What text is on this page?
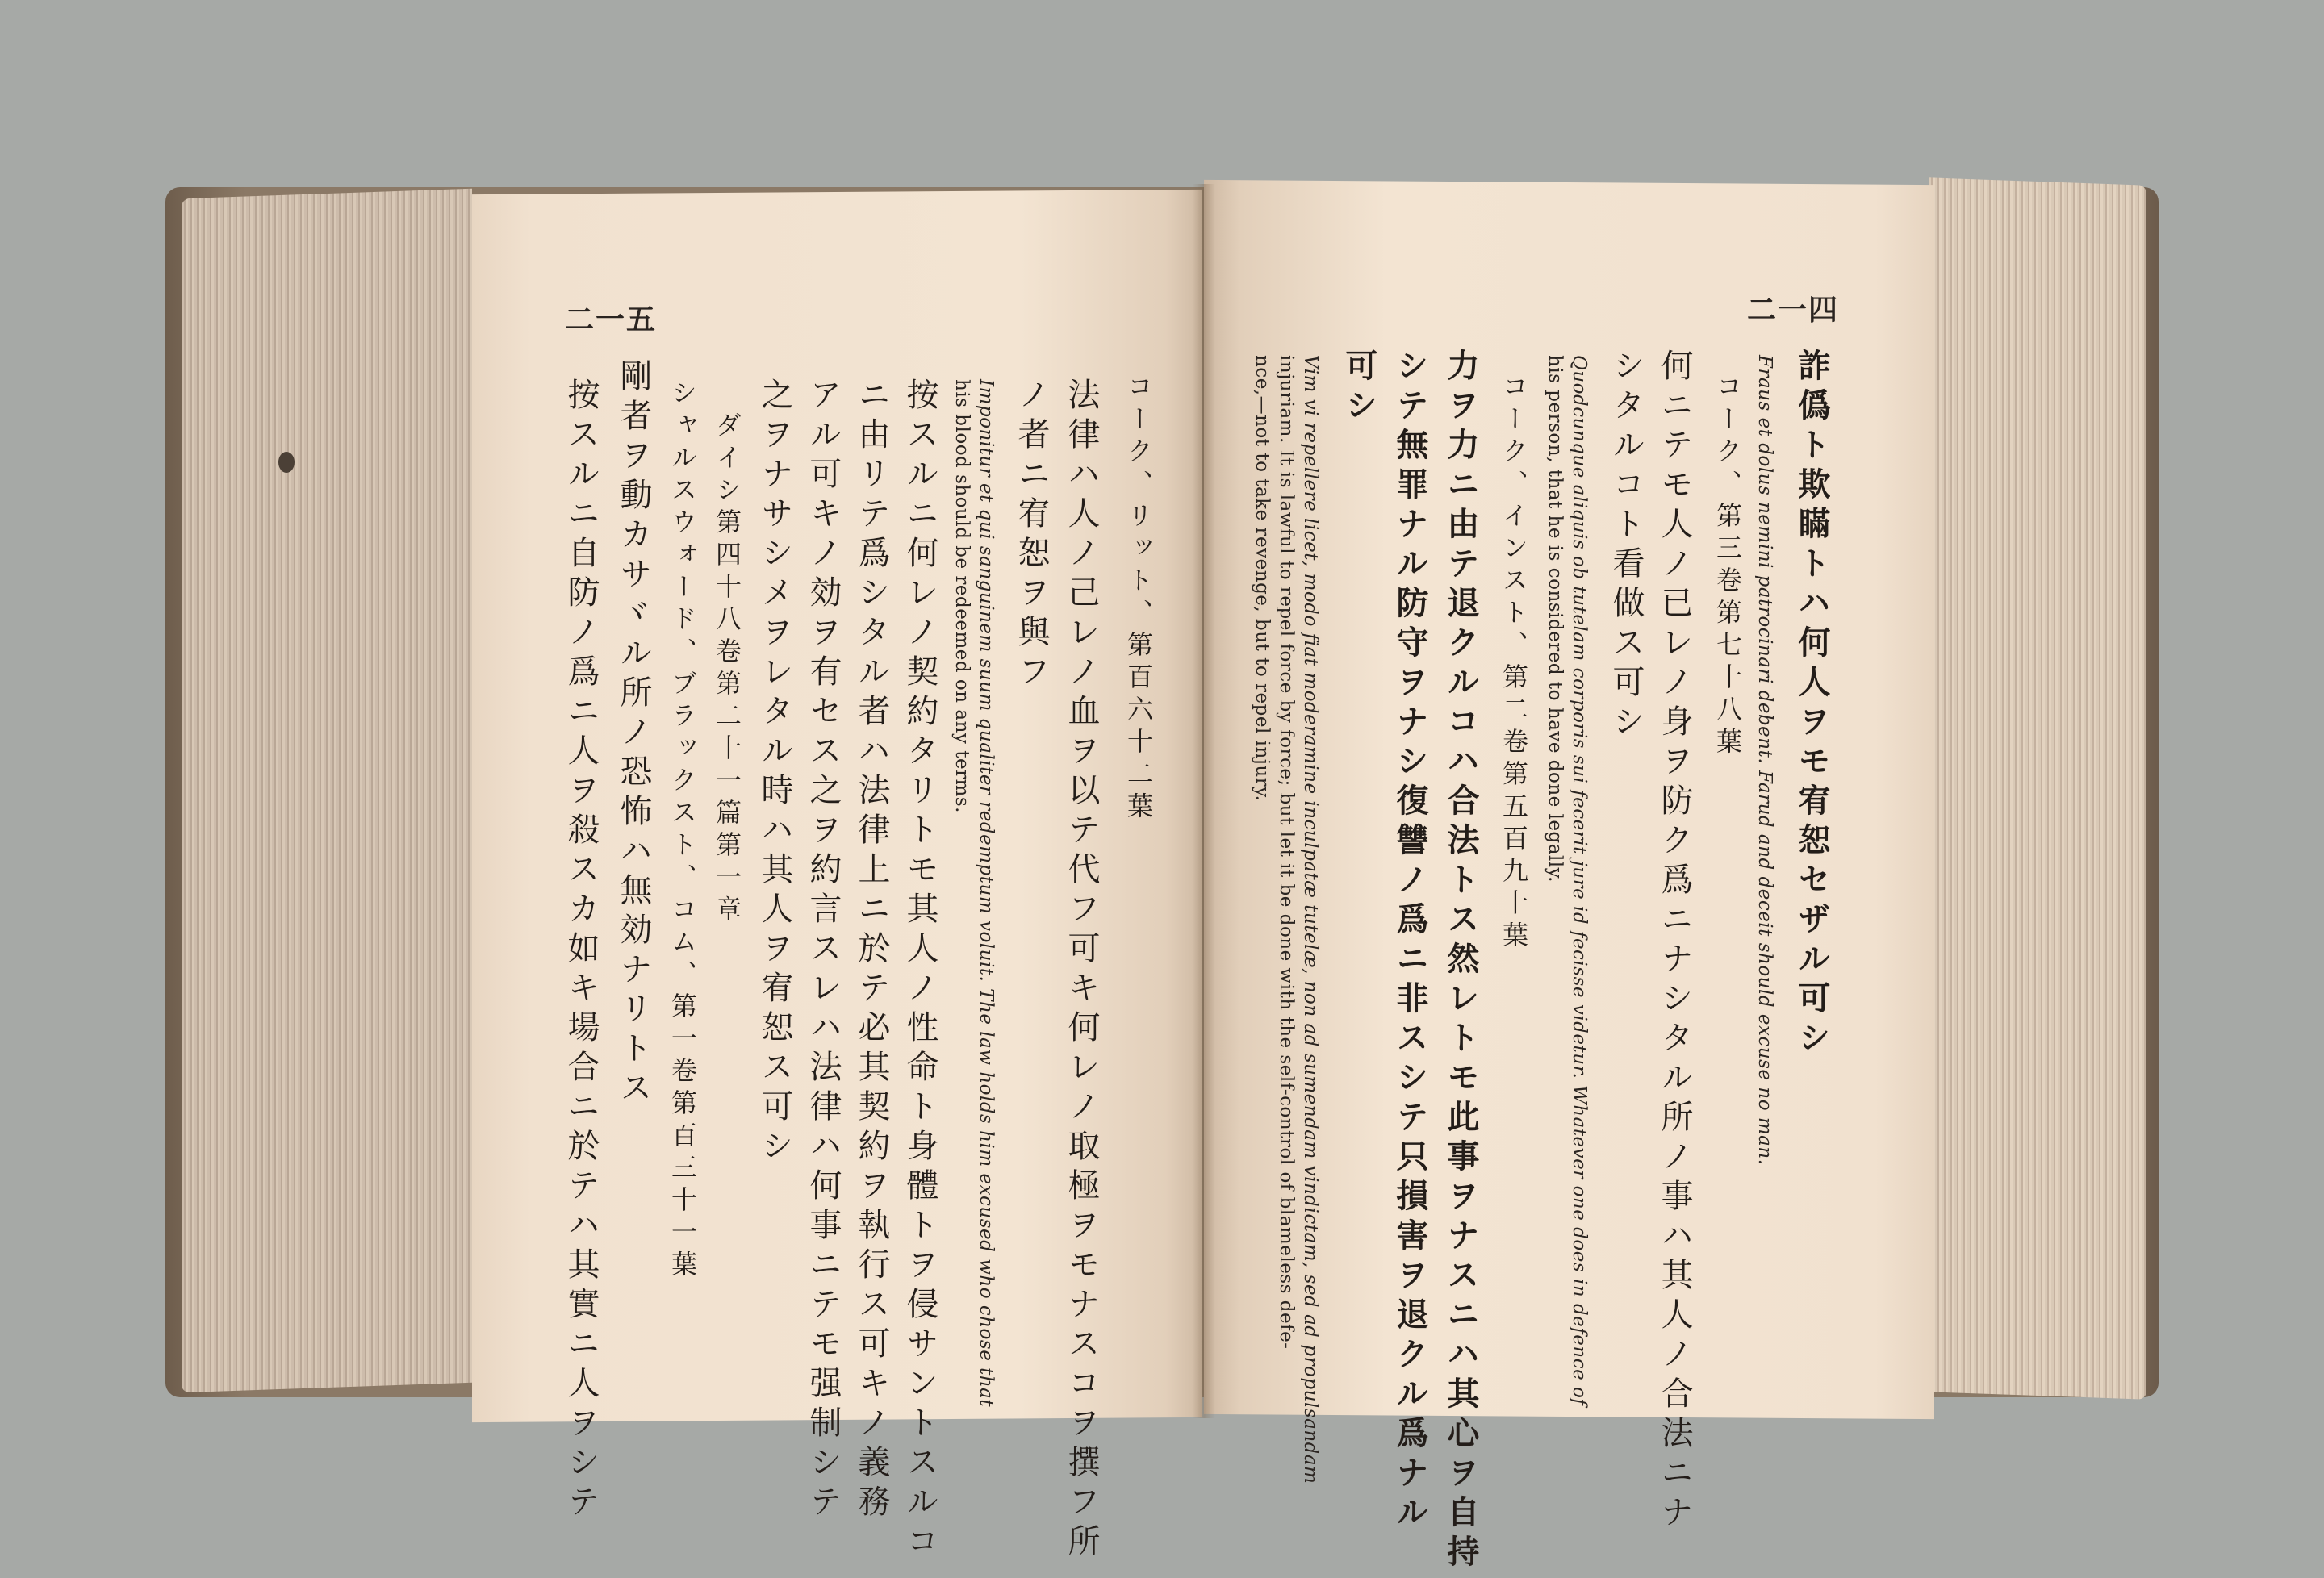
二一五	二一四
コーク、リット、第百六十二葉
法律ハ人ノ己レノ血ヲ以テ代フ可キ何レノ取極ヲモナスコヲ撰フ所
ノ者ニ宥恕ヲ與フ
Imponitur et qui sanguinem suum qualiter redemptum voluit. The law holds him excused who chose that
his blood should be redeemed on any terms.
按スルニ何レノ契約タリトモ其人ノ性命ト身體トヲ侵サントスルコ
ニ由リテ爲シタル者ハ法律上ニ於テ必其契約ヲ執行ス可キノ義務
アル可キノ効ヲ有セス之ヲ約言スレハ法律ハ何事ニテモ强制シテ
之ヲナサシメヲレタル時ハ其人ヲ宥恕ス可シ
ダイシ第四十八卷第二十一篇第一章
シャルスウォード、ブラックスト、コム、第一卷第百三十一葉
剛者ヲ動カサヾル所ノ恐怖ハ無効ナリトス
按スルニ自防ノ爲ニ人ヲ殺スカ如キ場合ニ於テハ其實ニ人ヲシテ	詐僞ト欺瞞トハ何人ヲモ宥恕セザル可シ
Fraus et dolus nemini patrocinari debent. Farud and deceit should excuse no man.
コーク、第三卷第七十八葉
何ニテモ人ノ已レノ身ヲ防ク爲ニナシタル所ノ事ハ其人ノ合法ニナ
シタルコト看做ス可シ
Quodcunque aliquis ob tutelam corporis sui fecerit jure id fecisse videtur. Whatever one does in defence of
his person, that he is considered to have done legally.
コーク、インスト、第二卷第五百九十葉
力ヲ力ニ由テ退クルコハ合法トス然レトモ此事ヲナスニハ其心ヲ自持
シテ無罪ナル防守ヲナシ復讐ノ爲ニ非スシテ只損害ヲ退クル爲ナル
可シ
Vim vi repellere licet, modo fiat moderamine inculpatæ tutelæ, non ad sumendam vindictam, sed ad propulsandam
injuriam. It is lawful to repel force by force; but let it be done with the self-control of blameless defe-
nce,—not to take revenge, but to repel injury.
